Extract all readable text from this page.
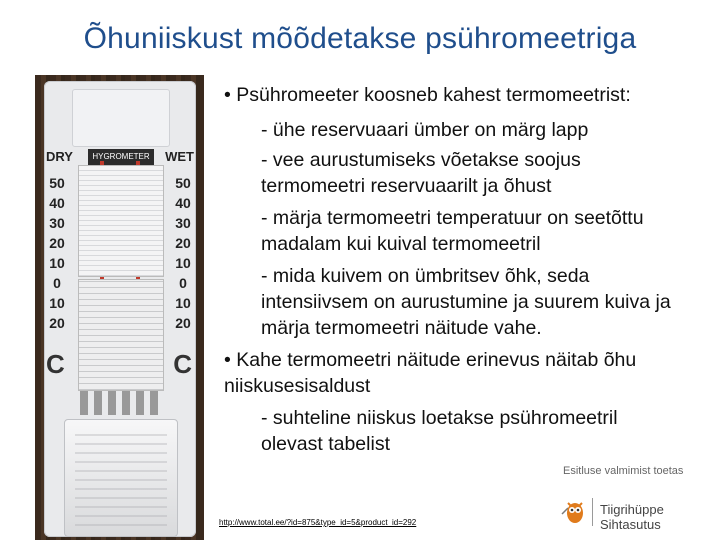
Õhuniiskust mõõdetakse psühromeetriga
HYGROMETER
DRY	WET
50
40
30
20
10
0
10
20
50
40
30
20
10
0
10
20
C	C

• Psühromeeter koosneb kahest termomeetrist:

- ühe reservuaari ümber on märg lapp

- vee aurustumiseks võetakse soojus termomeetri reservuaarilt ja õhust

- märja termomeetri temperatuur on seetõttu madalam kui kuival termomeetril

- mida kuivem on ümbritsev õhk, seda intensiivsem on aurustumine ja suurem kuiva ja märja termomeetri näitude vahe.

• Kahe termomeetri näitude erinevus näitab õhu niiskusesisaldust

- suhteline niiskus loetakse psühromeetril olevast tabelist

Esitluse valmimist toetas
Tiigrihüppe Sihtasutus
http://www.total.ee/?id=875&type_id=5&product_id=292
